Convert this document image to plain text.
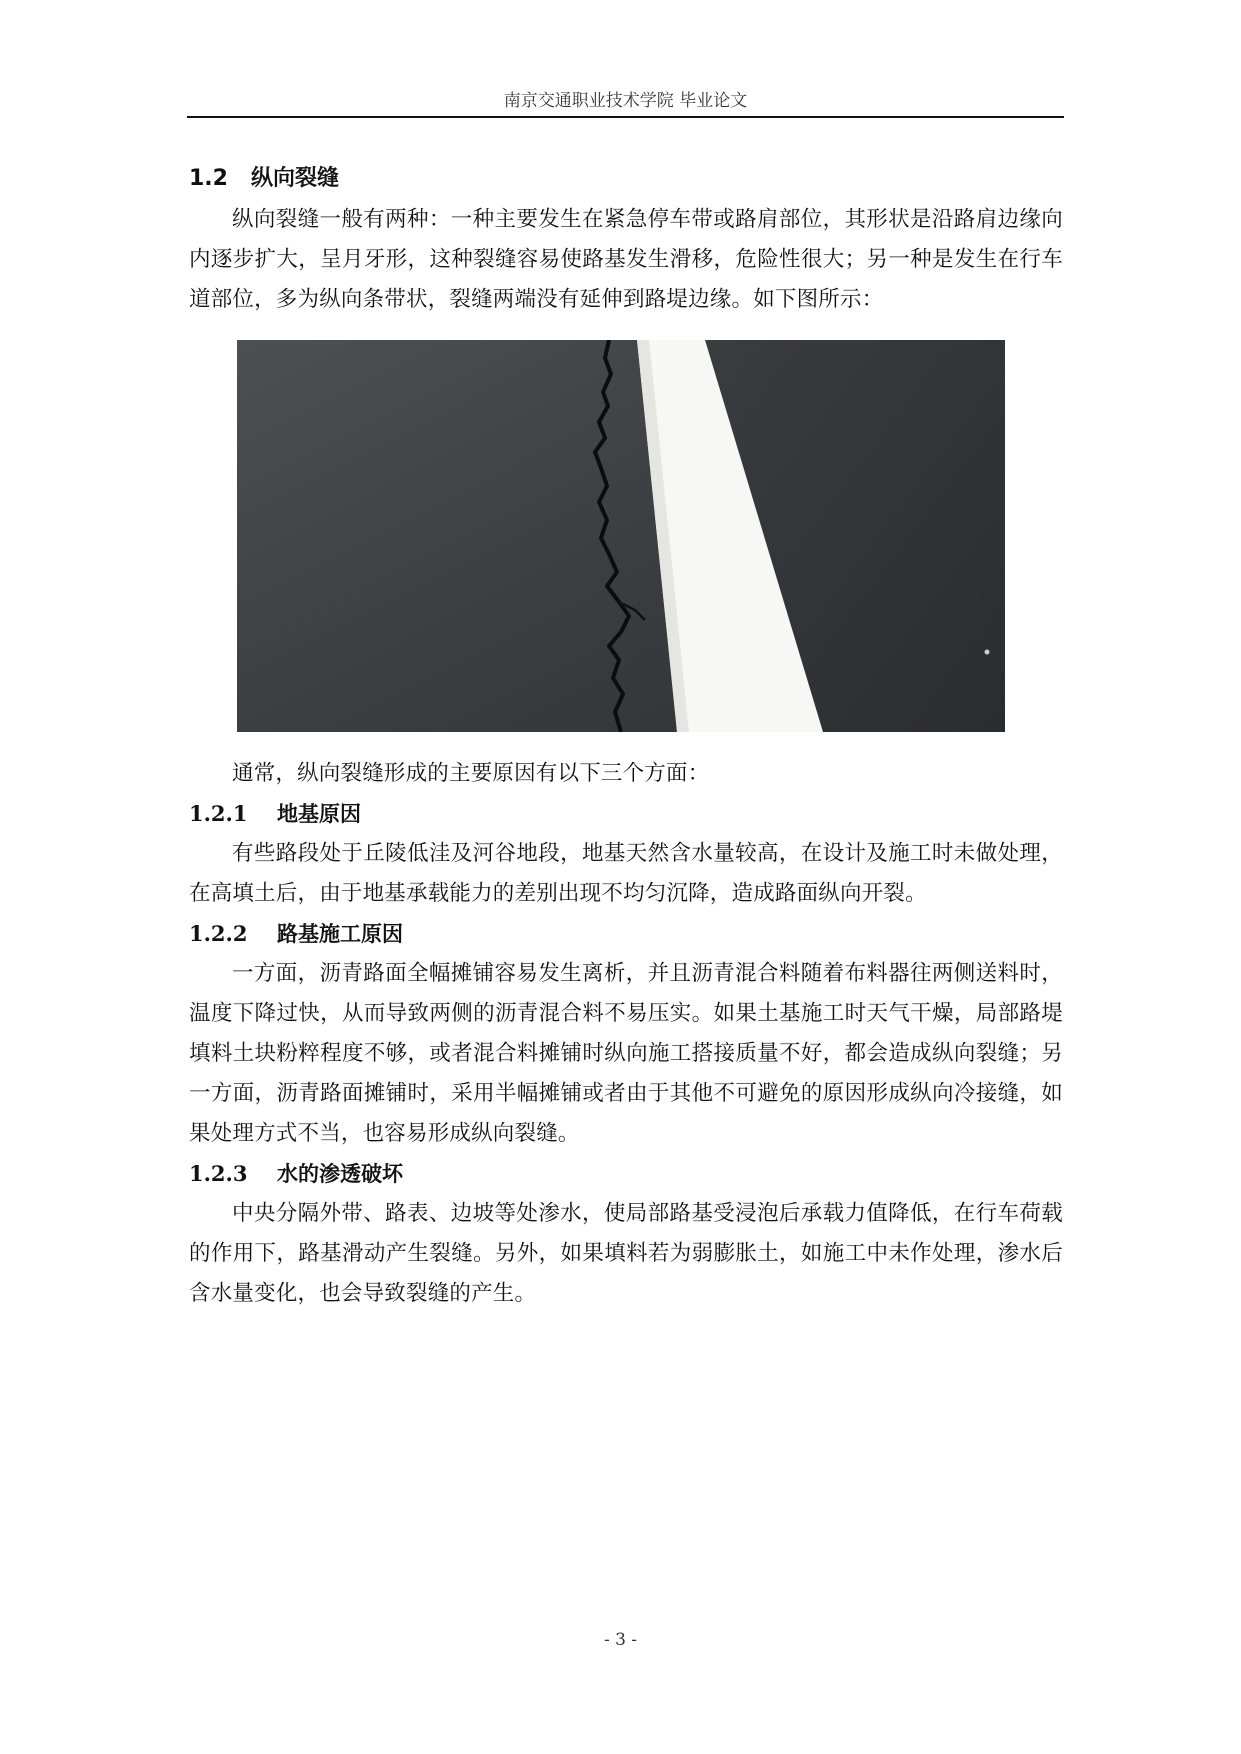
南京交通职业技术学院 毕业论文
1.2 纵向裂缝

纵向裂缝一般有两种：一种主要发生在紧急停车带或路肩部位，其形状是沿路肩边缘向内逐步扩大，呈月牙形，这种裂缝容易使路基发生滑移，危险性很大；另一种是发生在行车道部位，多为纵向条带状，裂缝两端没有延伸到路堤边缘。如下图所示：

通常，纵向裂缝形成的主要原因有以下三个方面：

1.2.1 地基原因

有些路段处于丘陵低洼及河谷地段，地基天然含水量较高，在设计及施工时未做处理，在高填土后，由于地基承载能力的差别出现不均匀沉降，造成路面纵向开裂。

1.2.2 路基施工原因

一方面，沥青路面全幅摊铺容易发生离析，并且沥青混合料随着布料器往两侧送料时，温度下降过快，从而导致两侧的沥青混合料不易压实。如果土基施工时天气干燥，局部路堤填料土块粉粹程度不够，或者混合料摊铺时纵向施工搭接质量不好，都会造成纵向裂缝；另一方面，沥青路面摊铺时，采用半幅摊铺或者由于其他不可避免的原因形成纵向冷接缝，如果处理方式不当，也容易形成纵向裂缝。

1.2.3 水的渗透破坏

中央分隔外带、路表、边坡等处渗水，使局部路基受浸泡后承载力值降低，在行车荷载的作用下，路基滑动产生裂缝。另外，如果填料若为弱膨胀土，如施工中未作处理，渗水后含水量变化，也会导致裂缝的产生。

- 3 -
